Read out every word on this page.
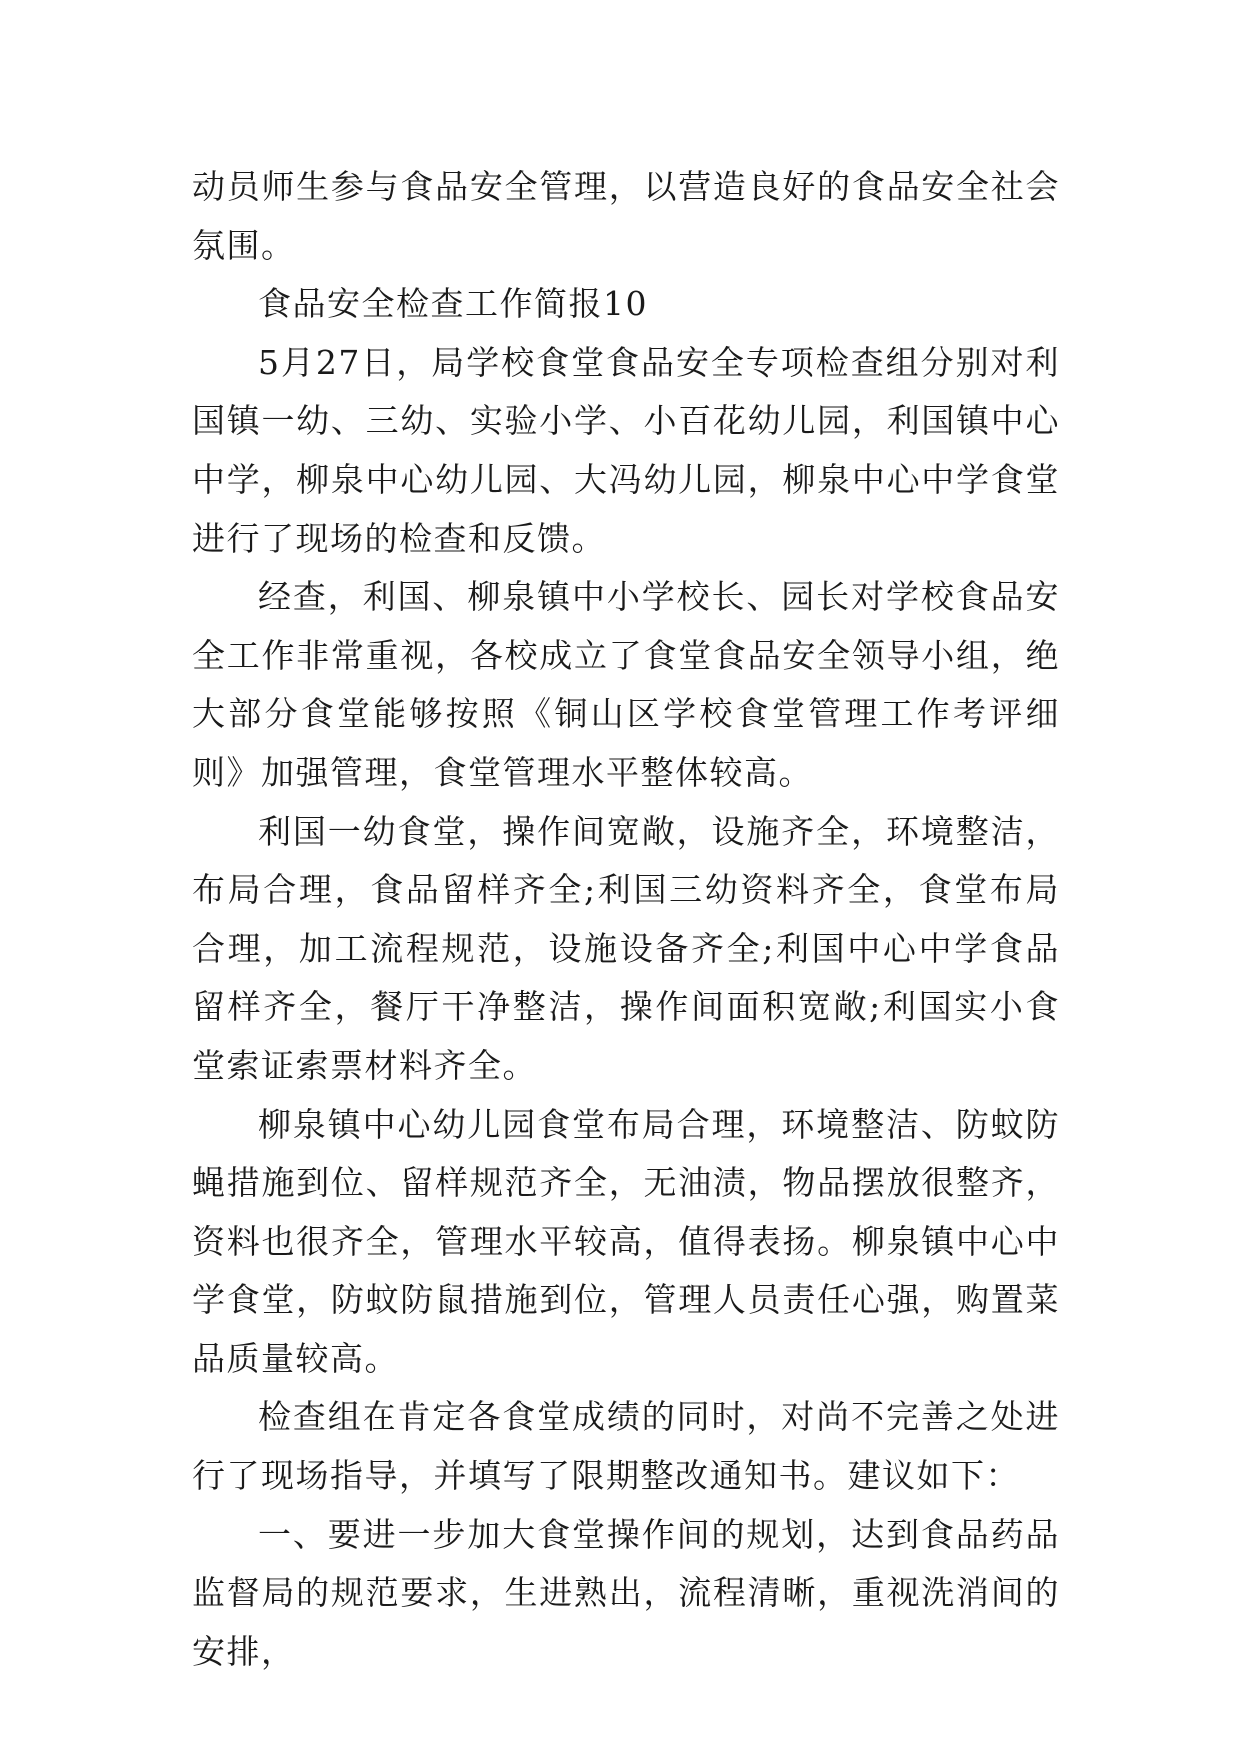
动员师生参与食品安全管理，以营造良好的食品安全社会氛围。

食品安全检查工作简报10

5月27日，局学校食堂食品安全专项检查组分别对利国镇一幼、三幼、实验小学、小百花幼儿园，利国镇中心中学，柳泉中心幼儿园、大冯幼儿园，柳泉中心中学食堂进行了现场的检查和反馈。

经查，利国、柳泉镇中小学校长、园长对学校食品安全工作非常重视，各校成立了食堂食品安全领导小组，绝大部分食堂能够按照《铜山区学校食堂管理工作考评细则》加强管理，食堂管理水平整体较高。

利国一幼食堂，操作间宽敞，设施齐全，环境整洁，布局合理，食品留样齐全;利国三幼资料齐全，食堂布局合理，加工流程规范，设施设备齐全;利国中心中学食品留样齐全，餐厅干净整洁，操作间面积宽敞;利国实小食堂索证索票材料齐全。

柳泉镇中心幼儿园食堂布局合理，环境整洁、防蚊防蝇措施到位、留样规范齐全，无油渍，物品摆放很整齐，资料也很齐全，管理水平较高，值得表扬。柳泉镇中心中学食堂，防蚊防鼠措施到位，管理人员责任心强，购置菜品质量较高。

检查组在肯定各食堂成绩的同时，对尚不完善之处进行了现场指导，并填写了限期整改通知书。建议如下：

一、要进一步加大食堂操作间的规划，达到食品药品监督局的规范要求，生进熟出，流程清晰，重视洗消间的安排，
